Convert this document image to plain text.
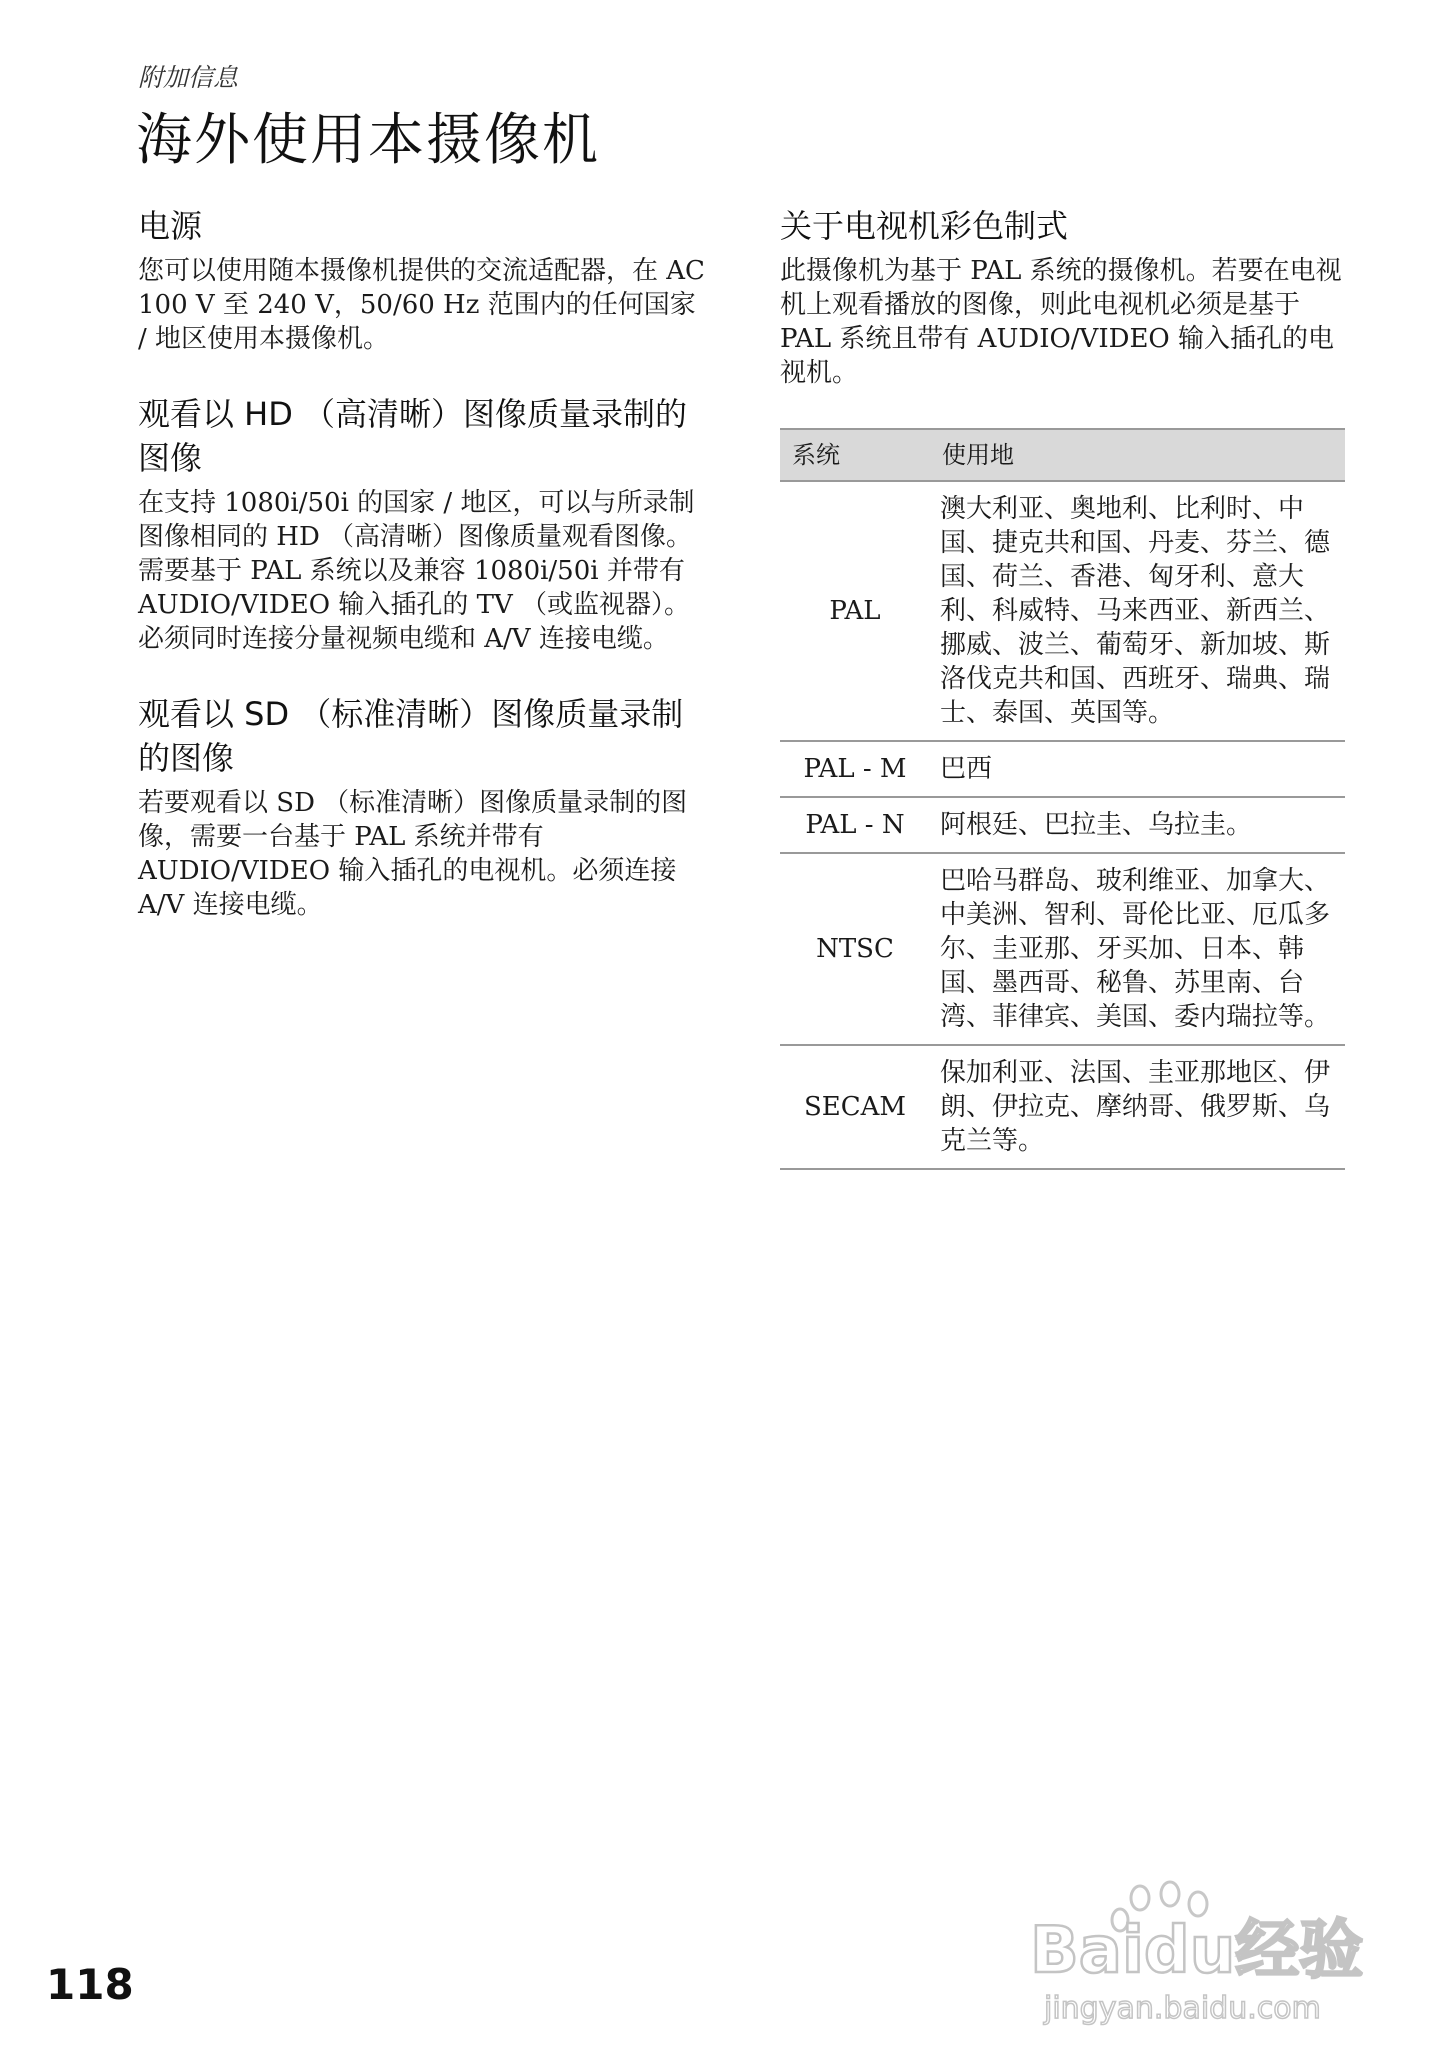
附加信息
海外使用本摄像机
电源

您可以使用随本摄像机提供的交流适配器，在 AC 100 V 至 240 V，50/60 Hz 范围内的任何国家 / 地区使用本摄像机。

观看以 HD （高清晰）图像质量录制的图像

在支持 1080i/50i 的国家 / 地区，可以与所录制图像相同的 HD （高清晰）图像质量观看图像。需要基于 PAL 系统以及兼容 1080i/50i 并带有 AUDIO/VIDEO 输入插孔的 TV （或监视器）。必须同时连接分量视频电缆和 A/V 连接电缆。

观看以 SD （标准清晰）图像质量录制的图像

若要观看以 SD （标准清晰）图像质量录制的图像，需要一台基于 PAL 系统并带有 AUDIO/VIDEO 输入插孔的电视机。必须连接 A/V 连接电缆。

关于电视机彩色制式

此摄像机为基于 PAL 系统的摄像机。若要在电视机上观看播放的图像，则此电视机必须是基于 PAL 系统且带有 AUDIO/VIDEO 输入插孔的电视机。

系统	使用地
PAL	澳大利亚、奥地利、比利时、中国、捷克共和国、丹麦、芬兰、德国、荷兰、香港、匈牙利、意大利、科威特、马来西亚、新西兰、挪威、波兰、葡萄牙、新加坡、斯洛伐克共和国、西班牙、瑞典、瑞士、泰国、英国等。
PAL - M	巴西
PAL - N	阿根廷、巴拉圭、乌拉圭。
NTSC	巴哈马群岛、玻利维亚、加拿大、中美洲、智利、哥伦比亚、厄瓜多尔、圭亚那、牙买加、日本、韩国、墨西哥、秘鲁、苏里南、台湾、菲律宾、美国、委内瑞拉等。
SECAM	保加利亚、法国、圭亚那地区、伊朗、伊拉克、摩纳哥、俄罗斯、乌克兰等。
118	Baidu经验
jingyan.baidu.com
